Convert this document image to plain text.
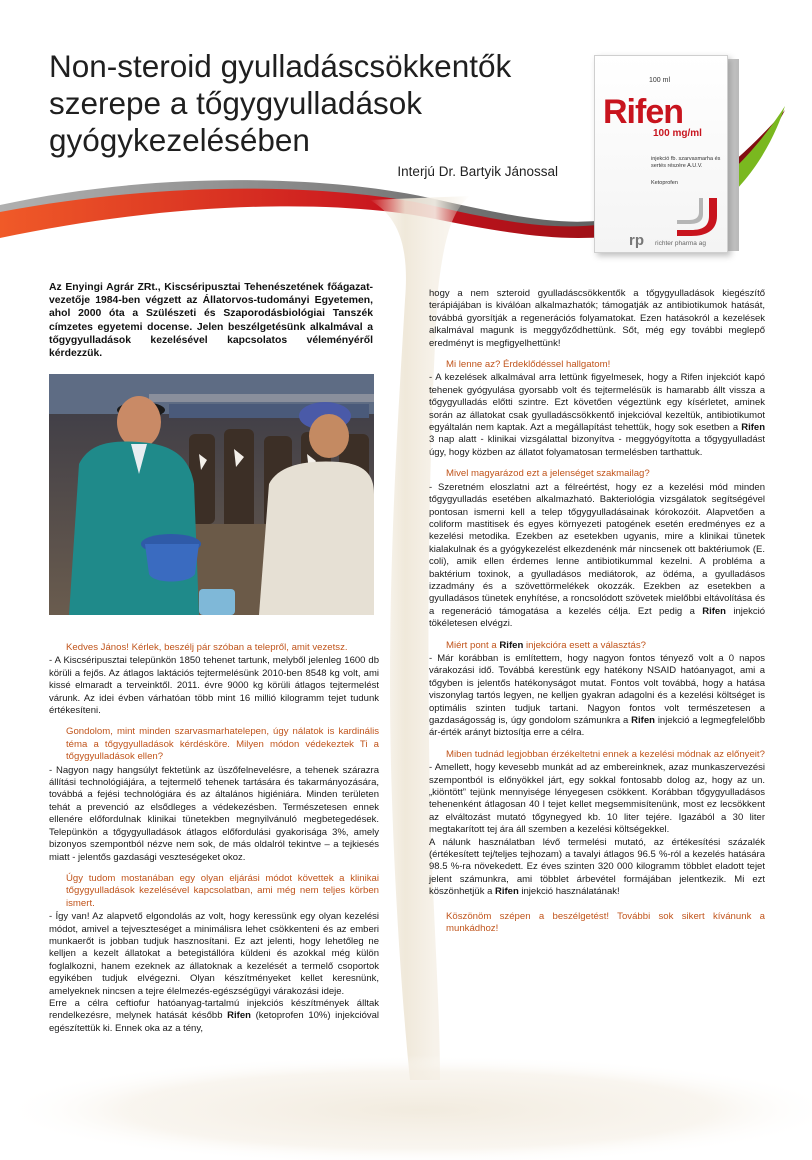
Non-steroid gyulladáscsökkentők szerepe a tőgygyulladások gyógykezelésében
Interjú Dr. Bartyik Jánossal
100 ml
Rifen
100 mg/ml
injekció fb. szarvasmarha és sertés részére A.U.V.
Ketoprofen
rp richter pharma ag

Az Enyingi Agrár ZRt., Kiscséripusztai Tehenészetének főágazat-vezetője 1984-ben végzett az Állatorvos-tudományi Egyetemen, ahol 2000 óta a Szülészeti és Szaporodásbiológiai Tanszék címzetes egyetemi docense. Jelen beszélgetésünk alkalmával a tőgygyulladások kezelésével kapcsolatos véleményéről kérdezzük.

Kedves János! Kérlek, beszélj pár szóban a telepről, amit vezetsz.

- A Kiscséripusztai telepünkön 1850 tehenet tartunk, melyből jelenleg 1600 db körüli a fejős. Az átlagos laktációs tejtermelésünk 2010-ben 8548 kg volt, ami kissé elmaradt a terveinktől. 2011. évre 9000 kg körüli átlagos tejtermelést várunk. Az idei évben várhatóan több mint 16 millió kilogramm tejet tudunk értékesíteni.

Gondolom, mint minden szarvasmarhatelepen, úgy nálatok is kardinális téma a tőgygyulladások kérdésköre. Milyen módon védekeztek Ti a tőgygyulladások ellen?

- Nagyon nagy hangsúlyt fektetünk az üszőfelnevelésre, a tehenek szárazra állítási technológiájára, a tejtermelő tehenek tartására és takarmányozására, továbbá a fejési technológiára és az általános higiéniára. Minden területen tehát a prevenció az elsődleges a védekezésben. Természetesen ennek ellenére előfordulnak klinikai tünetekben megnyilvánuló megbetegedések. Telepünkön a tőgygyulladások átlagos előfordulási gyakorisága 3%, amely bizonyos szempontból nézve nem sok, de más oldalról tekintve – a tejkiesés miatt - jelentős gazdasági veszteségeket okoz.

Úgy tudom mostanában egy olyan eljárási módot követtek a klinikai tőgygyulladások kezelésével kapcsolatban, ami még nem teljes körben ismert.

- Így van! Az alapvető elgondolás az volt, hogy keressünk egy olyan kezelési módot, amivel a tejveszteséget a minimálisra lehet csökkenteni és az emberi munkaerőt is jobban tudjuk hasznosítani. Ez azt jelenti, hogy lehetőleg ne kelljen a kezelt állatokat a betegistállóra küldeni és azokkal még külön foglalkozni, hanem ezeknek az állatoknak a kezelését a termelő csoportok egyikében tudjuk elvégezni. Olyan készítményeket kellet keresnünk, amelyeknek nincsen a tejre élelmezés-egészségügyi várakozási ideje.

Erre a célra ceftiofur hatóanyag-tartalmú injekciós készítmények álltak rendelkezésre, melynek hatását később Rifen (ketoprofen 10%) injekcióval egészítettük ki. Ennek oka az a tény,

hogy a nem szteroid gyulladáscsökkentők a tőgygyulladások kiegészítő terápiájában is kiválóan alkalmazhatók; támogatják az antibiotikumok hatását, továbbá gyorsítják a regenerációs folyamatokat. Ezen hatásokról a kezelések alkalmával magunk is meggyőződhettünk. Sőt, még egy további meglepő eredményt is megfigyelhettünk!

Mi lenne az? Érdeklődéssel hallgatom!

- A kezelések alkalmával arra lettünk figyelmesek, hogy a Rifen injekciót kapó tehenek gyógyulása gyorsabb volt és tejtermelésük is hamarabb állt vissza a tőgygyulladás előtti szintre. Ezt követően végeztünk egy kísérletet, aminek során az állatokat csak gyulladáscsökkentő injekcióval kezeltük, antibiotikumot egyáltalán nem kaptak. Azt a megállapítást tehettük, hogy sok esetben a Rifen 3 nap alatt - klinikai vizsgálattal bizonyítva - meggyógyította a tőgygyulladást úgy, hogy közben az állatot folyamatosan termelésben tarthattuk.

Mivel magyarázod ezt a jelenséget szakmailag?

- Szeretném eloszlatni azt a félreértést, hogy ez a kezelési mód minden tőgygyulladás esetében alkalmazható. Bakteriológia vizsgálatok segítségével pontosan ismerni kell a telep tőgygyulladásainak kórokozóit. Alapvetően a coliform mastitisek és egyes környezeti patogének esetén eredményes ez a kezelési metodika. Ezekben az esetekben ugyanis, mire a klinikai tünetek kialakulnak és a gyógykezelést elkezdenénk már nincsenek ott baktériumok (E. coli), amik ellen érdemes lenne antibiotikummal kezelni. A probléma a baktérium toxinok, a gyulladásos mediátorok, az ödéma, a gyulladásos izzadmány és a szövettörmelékek okozzák. Ezekben az esetekben a gyulladásos tünetek enyhítése, a roncsolódott szövetek mielőbbi eltávolítása és a regeneráció támogatása a kezelés célja. Ezt pedig a Rifen injekció tökéletesen elvégzi.

Miért pont a Rifen injekcióra esett a választás?

- Már korábban is említettem, hogy nagyon fontos tényező volt a 0 napos várakozási idő. Továbbá kerestünk egy hatékony NSAID hatóanyagot, ami a tőgyben is jelentős hatékonyságot mutat. Fontos volt továbbá, hogy a hatása viszonylag tartós legyen, ne kelljen gyakran adagolni és a kezelési költséget is optimális szinten tudjuk tartani. Nagyon fontos volt természetesen a gazdaságosság is, úgy gondolom számunkra a Rifen injekció a legmegfelelőbb ár-érték arányt biztosítja erre a célra.

Miben tudnád legjobban érzékeltetni ennek a kezelési módnak az előnyeit?

- Amellett, hogy kevesebb munkát ad az embereinknek, azaz munkaszervezési szempontból is előnyökkel járt, egy sokkal fontosabb dolog az, hogy az un. „kiöntött” tejünk mennyisége lényegesen csökkent. Korábban tőgygyulladásos tehenenként átlagosan 40 l tejet kellet megsemmisítenünk, most ez lecsökkent az elváltozást mutató tőgynegyed kb. 10 liter tejére. Igazából a 30 liter megtakarított tej ára áll szemben a kezelési költségekkel.

A nálunk használatban lévő termelési mutató, az értékesítési százalék (értékesített tej/teljes tejhozam) a tavalyi átlagos 96.5 %-ról a kezelés hatására 98.5 %-ra növekedett. Ez éves szinten 320 000 kilogramm többlet eladott tejet jelent számunkra, ami többlet árbevétel formájában jelentkezik. Mi ezt köszönhetjük a Rifen injekció használatának!

Köszönöm szépen a beszélgetést! További sok sikert kívánunk a munkádhoz!
